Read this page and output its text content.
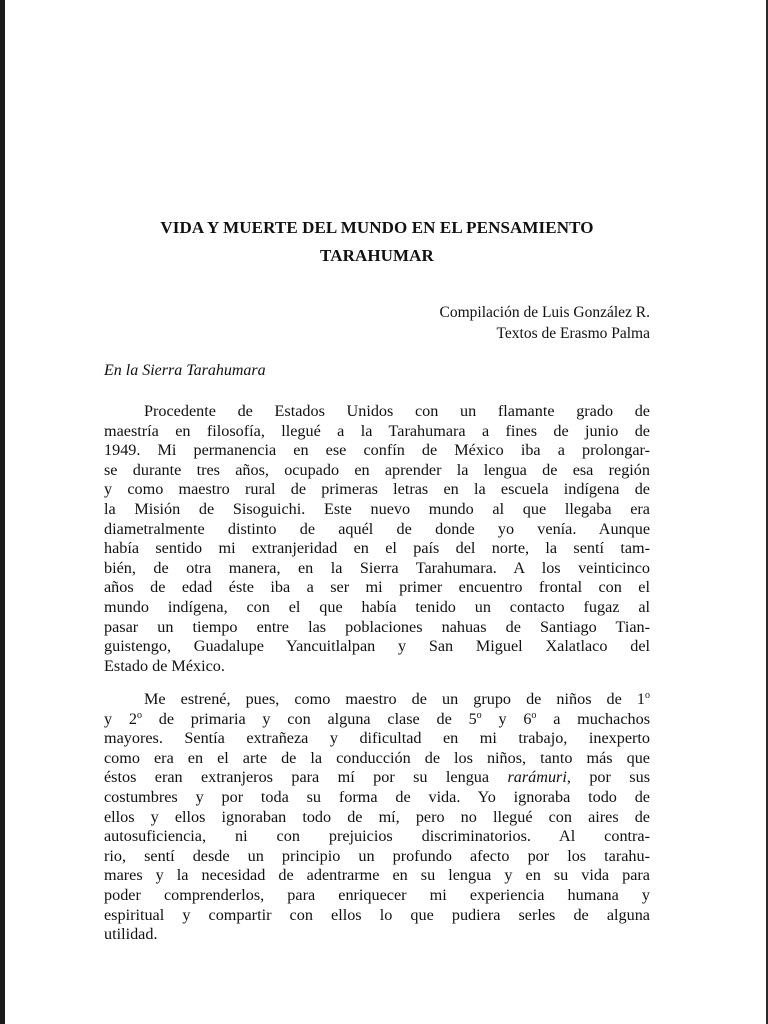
VIDA Y MUERTE DEL MUNDO EN EL PENSAMIENTO
TARAHUMAR
Compilación de Luis González R.
Textos de Erasmo Palma
En la Sierra Tarahumara

Procedente de Estados Unidos con un flamante grado de
maestría en filosofía, llegué a la Tarahumara a fines de junio de
1949. Mi permanencia en ese confín de México iba a prolongar-
se durante tres años, ocupado en aprender la lengua de esa región
y como maestro rural de primeras letras en la escuela indígena de
la Misión de Sisoguichi. Este nuevo mundo al que llegaba era
diametralmente distinto de aquél de donde yo venía. Aunque
había sentido mi extranjeridad en el país del norte, la sentí tam-
bién, de otra manera, en la Sierra Tarahumara. A los veinticinco
años de edad éste iba a ser mi primer encuentro frontal con el
mundo indígena, con el que había tenido un contacto fugaz al
pasar un tiempo entre las poblaciones nahuas de Santiago Tian-
guistengo, Guadalupe Yancuitlalpan y San Miguel Xalatlaco del
Estado de México.

Me estrené, pues, como maestro de un grupo de niños de 1$^o$
y 2$^o$ de primaria y con alguna clase de 5$^o$ y 6$^o$ a muchachos
mayores. Sentía extrañeza y dificultad en mi trabajo, inexperto
como era en el arte de la conducción de los niños, tanto más que
éstos eran extranjeros para mí por su lengua rarámuri, por sus
costumbres y por toda su forma de vida. Yo ignoraba todo de
ellos y ellos ignoraban todo de mí, pero no llegué con aires de
autosuficiencia, ni con prejuicios discriminatorios. Al contra-
rio, sentí desde un principio un profundo afecto por los tarahu-
mares y la necesidad de adentrarme en su lengua y en su vida para
poder comprenderlos, para enriquecer mi experiencia humana y
espiritual y compartir con ellos lo que pudiera serles de alguna
utilidad.
